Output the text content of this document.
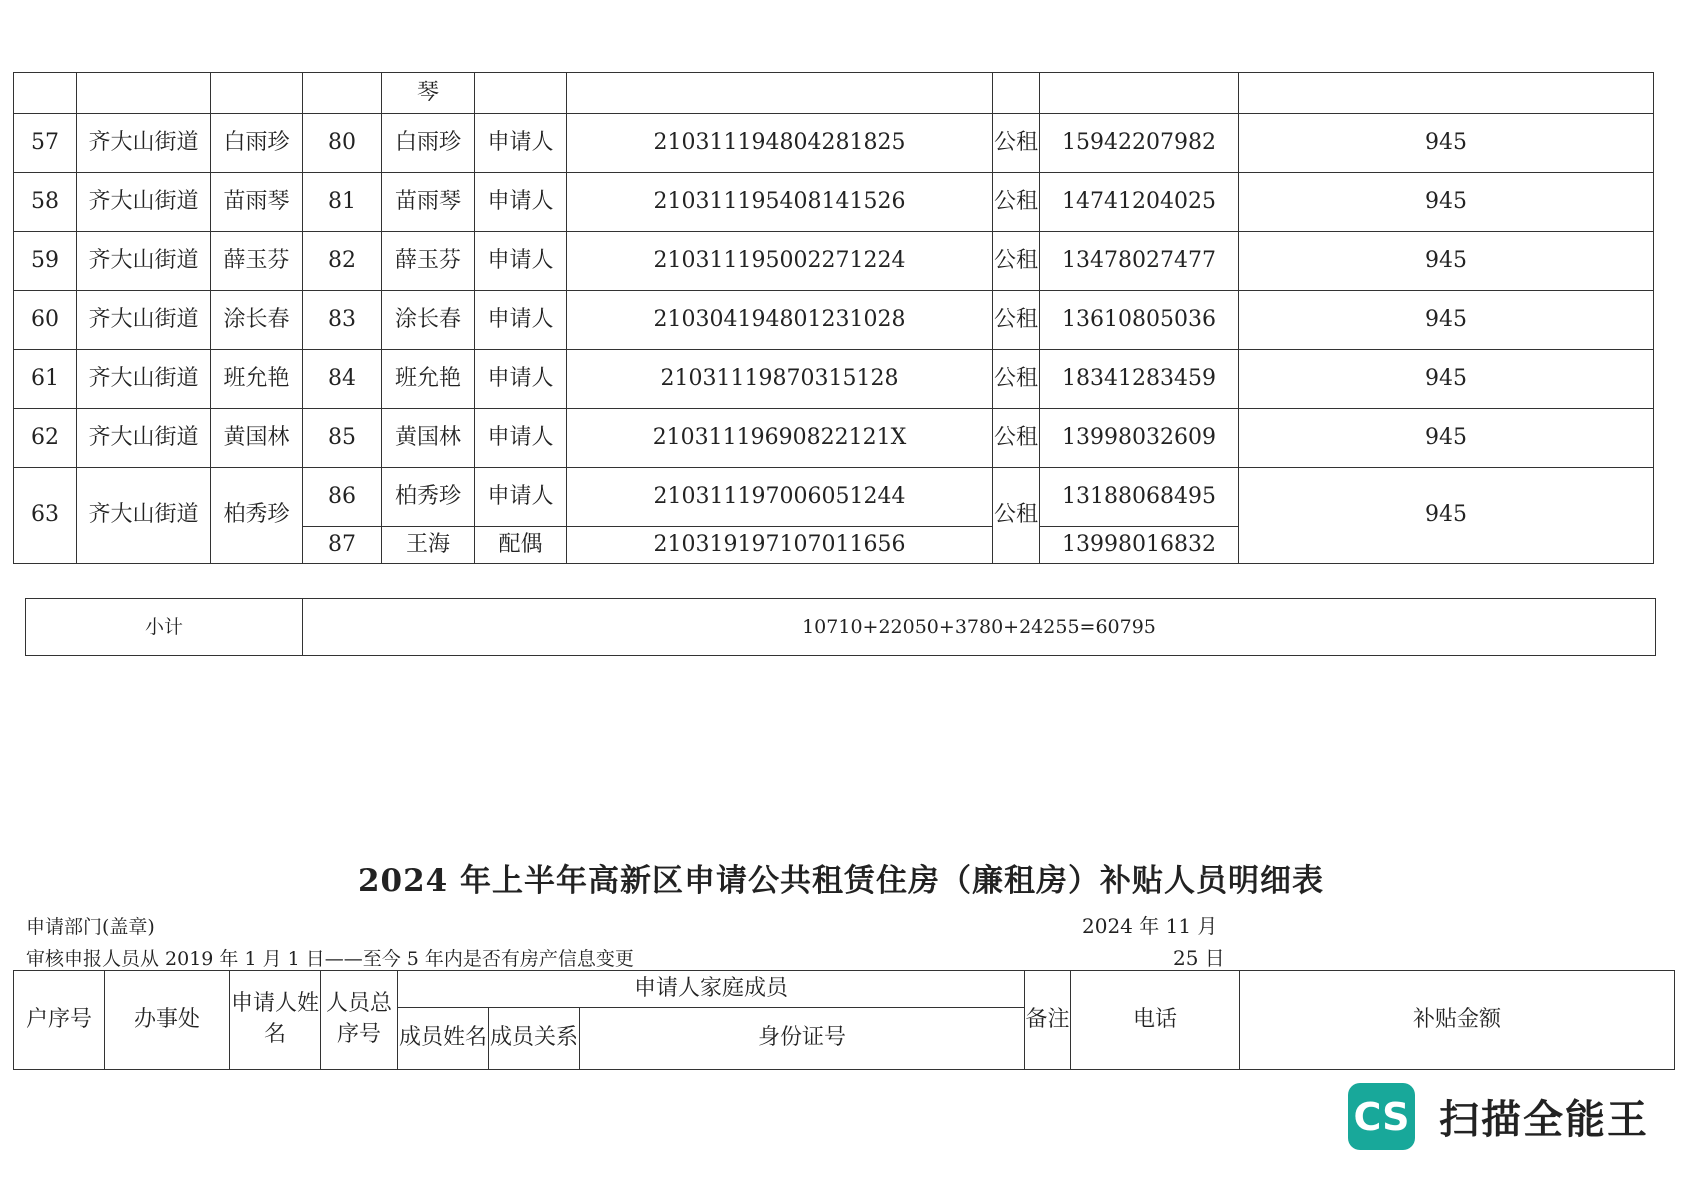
				琴					
57	齐大山街道	白雨珍	80	白雨珍	申请人	210311194804281825	公租	15942207982	945
58	齐大山街道	苗雨琴	81	苗雨琴	申请人	210311195408141526	公租	14741204025	945
59	齐大山街道	薛玉芬	82	薛玉芬	申请人	210311195002271224	公租	13478027477	945
60	齐大山街道	涂长春	83	涂长春	申请人	210304194801231028	公租	13610805036	945
61	齐大山街道	班允艳	84	班允艳	申请人	21031119870315128	公租	18341283459	945
62	齐大山街道	黄国林	85	黄国林	申请人	21031119690822121X	公租	13998032609	945
63	齐大山街道	柏秀珍	86	柏秀珍	申请人	210311197006051244	公租	13188068495	945
			87	王海	配偶	210319197107011656		13998016832	
小计	10710+22050+3780+24255=60795
2024 年上半年高新区申请公共租赁住房（廉租房）补贴人员明细表
申请部门(盖章)	2024 年 11 月
审核申报人员从 2019 年 1 月 1 日——至今 5 年内是否有房产信息变更	25 日
户序号	办事处	申请人姓名	人员总序号	申请人家庭成员			备注	电话	补贴金额
				成员姓名	成员关系	身份证号			
CS 扫描全能王
